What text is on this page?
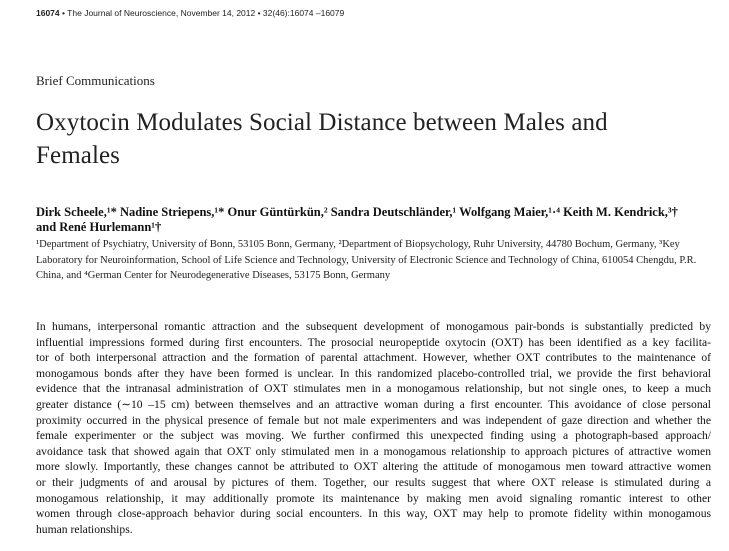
16074 • The Journal of Neuroscience, November 14, 2012 • 32(46):16074 –16079
Brief Communications
Oxytocin Modulates Social Distance between Males and
Females
Dirk Scheele,¹* Nadine Striepens,¹* Onur Güntürkün,² Sandra Deutschländer,¹ Wolfgang Maier,¹·⁴ Keith M. Kendrick,³†
and René Hurlemann¹†
¹Department of Psychiatry, University of Bonn, 53105 Bonn, Germany, ²Department of Biopsychology, Ruhr University, 44780 Bochum, Germany, ³Key
Laboratory for Neuroinformation, School of Life Science and Technology, University of Electronic Science and Technology of China, 610054 Chengdu, P.R.
China, and ⁴German Center for Neurodegenerative Diseases, 53175 Bonn, Germany
In humans, interpersonal romantic attraction and the subsequent development of monogamous pair-bonds is substantially predicted by
influential impressions formed during first encounters. The prosocial neuropeptide oxytocin (OXT) has been identified as a key facilita-
tor of both interpersonal attraction and the formation of parental attachment. However, whether OXT contributes to the maintenance of
monogamous bonds after they have been formed is unclear. In this randomized placebo-controlled trial, we provide the first behavioral
evidence that the intranasal administration of OXT stimulates men in a monogamous relationship, but not single ones, to keep a much
greater distance (∼10 –15 cm) between themselves and an attractive woman during a first encounter. This avoidance of close personal
proximity occurred in the physical presence of female but not male experimenters and was independent of gaze direction and whether the
female experimenter or the subject was moving. We further confirmed this unexpected finding using a photograph-based approach/
avoidance task that showed again that OXT only stimulated men in a monogamous relationship to approach pictures of attractive women
more slowly. Importantly, these changes cannot be attributed to OXT altering the attitude of monogamous men toward attractive women
or their judgments of and arousal by pictures of them. Together, our results suggest that where OXT release is stimulated during a
monogamous relationship, it may additionally promote its maintenance by making men avoid signaling romantic interest to other
women through close-approach behavior during social encounters. In this way, OXT may help to promote fidelity within monogamous
human relationships.
